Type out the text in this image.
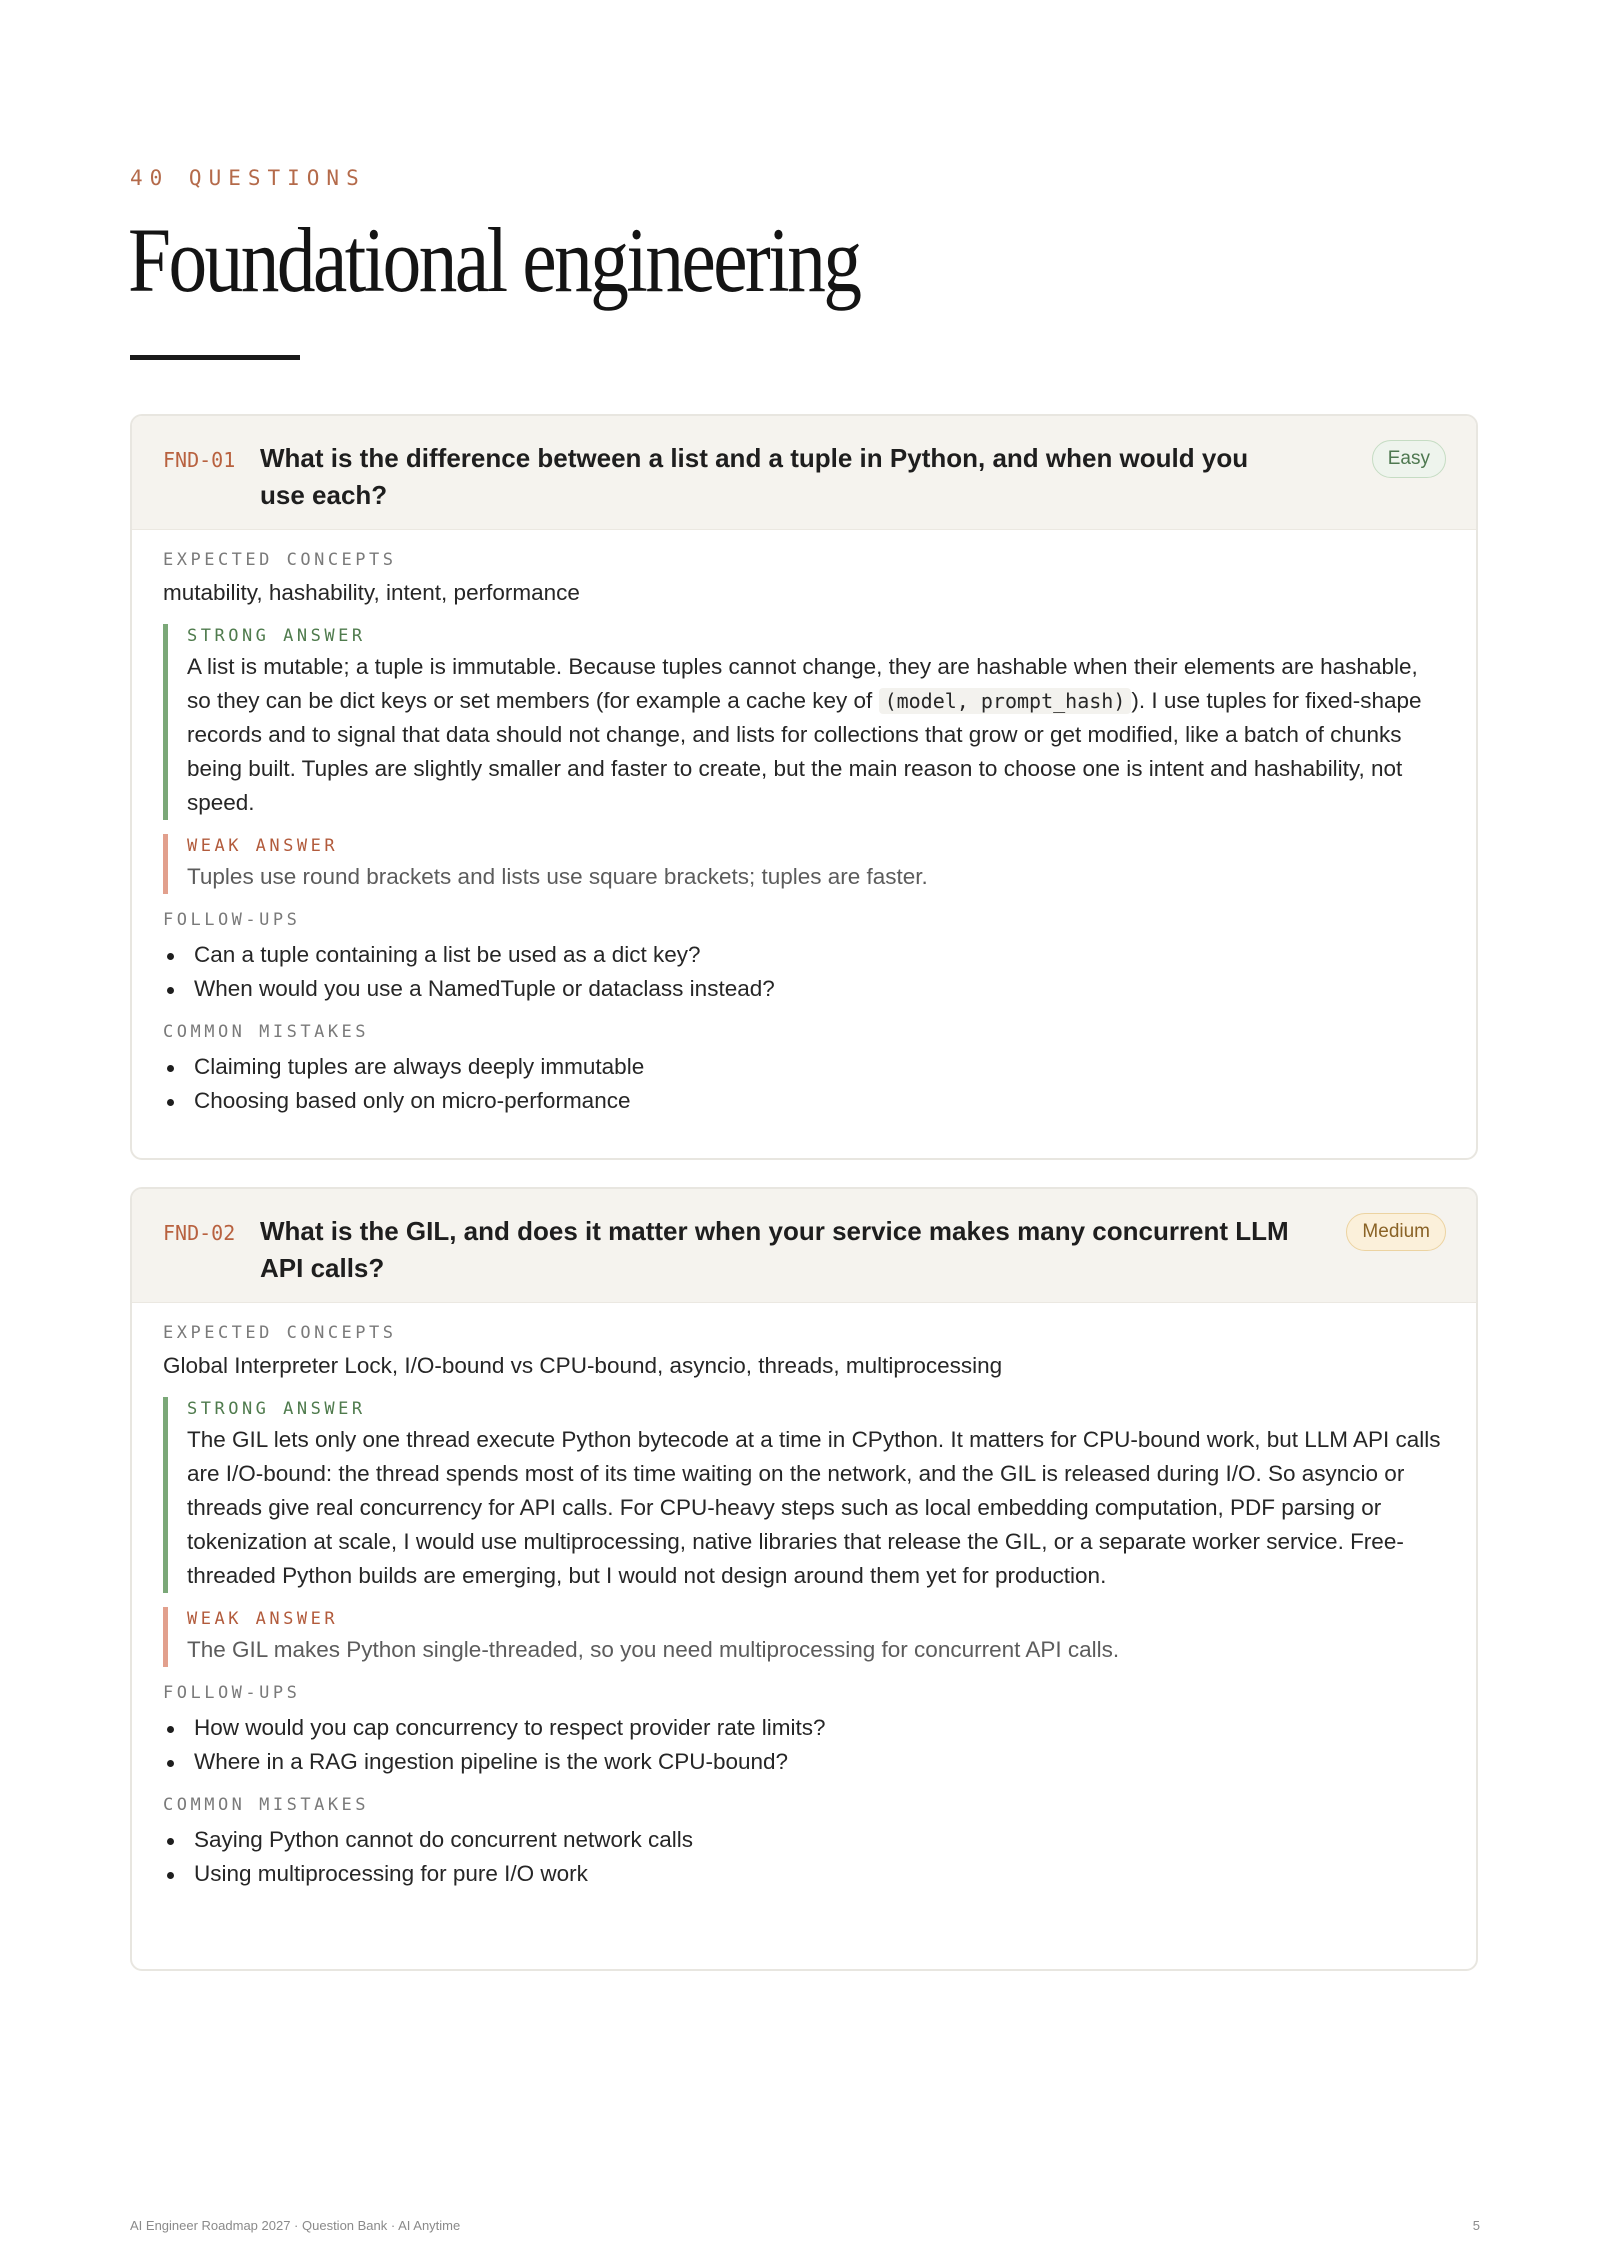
40 QUESTIONS
Foundational engineering
FND-01 What is the difference between a list and a tuple in Python, and when would you use each?
Easy
EXPECTED CONCEPTS
mutability, hashability, intent, performance
STRONG ANSWER
A list is mutable; a tuple is immutable. Because tuples cannot change, they are hashable when their elements are hashable, so they can be dict keys or set members (for example a cache key of (model, prompt_hash) ). I use tuples for fixed-shape records and to signal that data should not change, and lists for collections that grow or get modified, like a batch of chunks being built. Tuples are slightly smaller and faster to create, but the main reason to choose one is intent and hashability, not speed.
WEAK ANSWER
Tuples use round brackets and lists use square brackets; tuples are faster.
FOLLOW-UPS
Can a tuple containing a list be used as a dict key?
When would you use a NamedTuple or dataclass instead?
COMMON MISTAKES
Claiming tuples are always deeply immutable
Choosing based only on micro-performance
FND-02 What is the GIL, and does it matter when your service makes many concurrent LLM API calls?
Medium
EXPECTED CONCEPTS
Global Interpreter Lock, I/O-bound vs CPU-bound, asyncio, threads, multiprocessing
STRONG ANSWER
The GIL lets only one thread execute Python bytecode at a time in CPython. It matters for CPU-bound work, but LLM API calls are I/O-bound: the thread spends most of its time waiting on the network, and the GIL is released during I/O. So asyncio or threads give real concurrency for API calls. For CPU-heavy steps such as local embedding computation, PDF parsing or tokenization at scale, I would use multiprocessing, native libraries that release the GIL, or a separate worker service. Free-threaded Python builds are emerging, but I would not design around them yet for production.
WEAK ANSWER
The GIL makes Python single-threaded, so you need multiprocessing for concurrent API calls.
FOLLOW-UPS
How would you cap concurrency to respect provider rate limits?
Where in a RAG ingestion pipeline is the work CPU-bound?
COMMON MISTAKES
Saying Python cannot do concurrent network calls
Using multiprocessing for pure I/O work
AI Engineer Roadmap 2027 · Question Bank · AI Anytime	5
